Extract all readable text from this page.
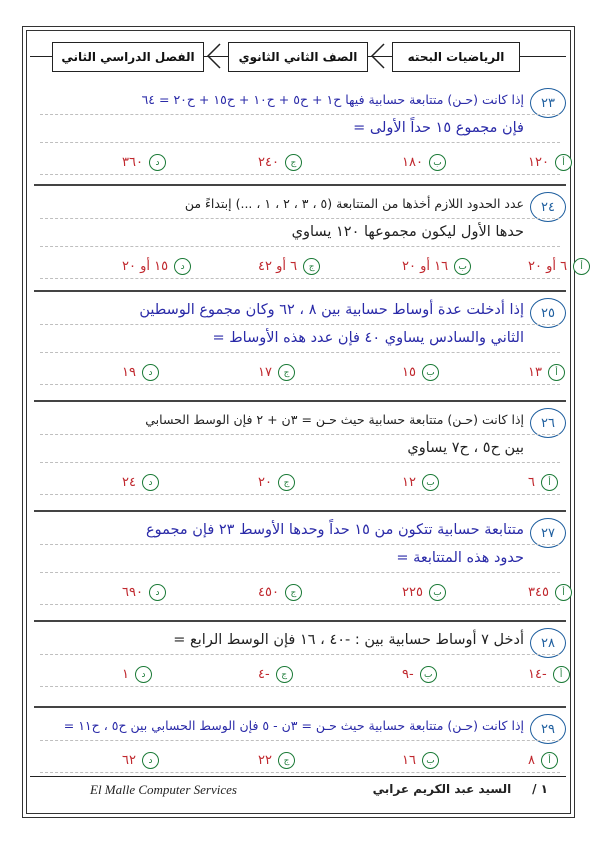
الفصل الدراسي الثاني	الصف الثاني الثانوي	الرياضيات البحته
٢٣
إذا كانت (حـن) متتابعة حسابية فيها ح١ + ح٥ + ح١٠ + ح١٥ + ح٢٠ = ٦٤
فإن مجموع ١٥ حداً الأولى =
أ
١٢٠
ب
١٨٠
ج
٢٤٠
د
٣٦٠
٢٤
عدد الحدود اللازم أخذها من المتتابعة (٥ ، ٣ ، ٢ ، ١ ، ...) إبتداءً من
حدها الأول ليكون مجموعها ١٢٠ يساوي
أ
٦ أو ٢٠
ب
١٦ أو ٢٠
ج
٦ أو ٤٢
د
١٥ أو ٢٠
٢٥
إذا أدخلت عدة أوساط حسابية بين ٨ ، ٦٢ وكان مجموع الوسطين
الثاني والسادس يساوي ٤٠ فإن عدد هذه الأوساط =
أ
١٣
ب
١٥
ج
١٧
د
١٩
٢٦
إذا كانت (حـن) متتابعة حسابية حيث حـن = ٣ن + ٢ فإن الوسط الحسابي
بين ح٥ ، ح٧ يساوي
أ
٦
ب
١٢
ج
٢٠
د
٢٤
٢٧
متتابعة حسابية تتكون من ١٥ حداً وحدها الأوسط ٢٣ فإن مجموع
حدود هذه المتتابعة =
أ
٣٤٥
ب
٢٢٥
ج
٤٥٠
د
٦٩٠
٢٨
أدخل ٧ أوساط حسابية بين : -٤٠ ، ١٦ فإن الوسط الرابع =
أ
-١٤
ب
-٩
ج
-٤
د
١
٢٩
إذا كانت (حـن) متتابعة حسابية حيث حـن = ٣ن - ٥ فإن الوسط الحسابي بين ح٥ ، ح١١ =
أ
٨
ب
١٦
ج
٢٢
د
٦٢
El Malle Computer Services	١ /     السيد عبد الكريم عرابي
